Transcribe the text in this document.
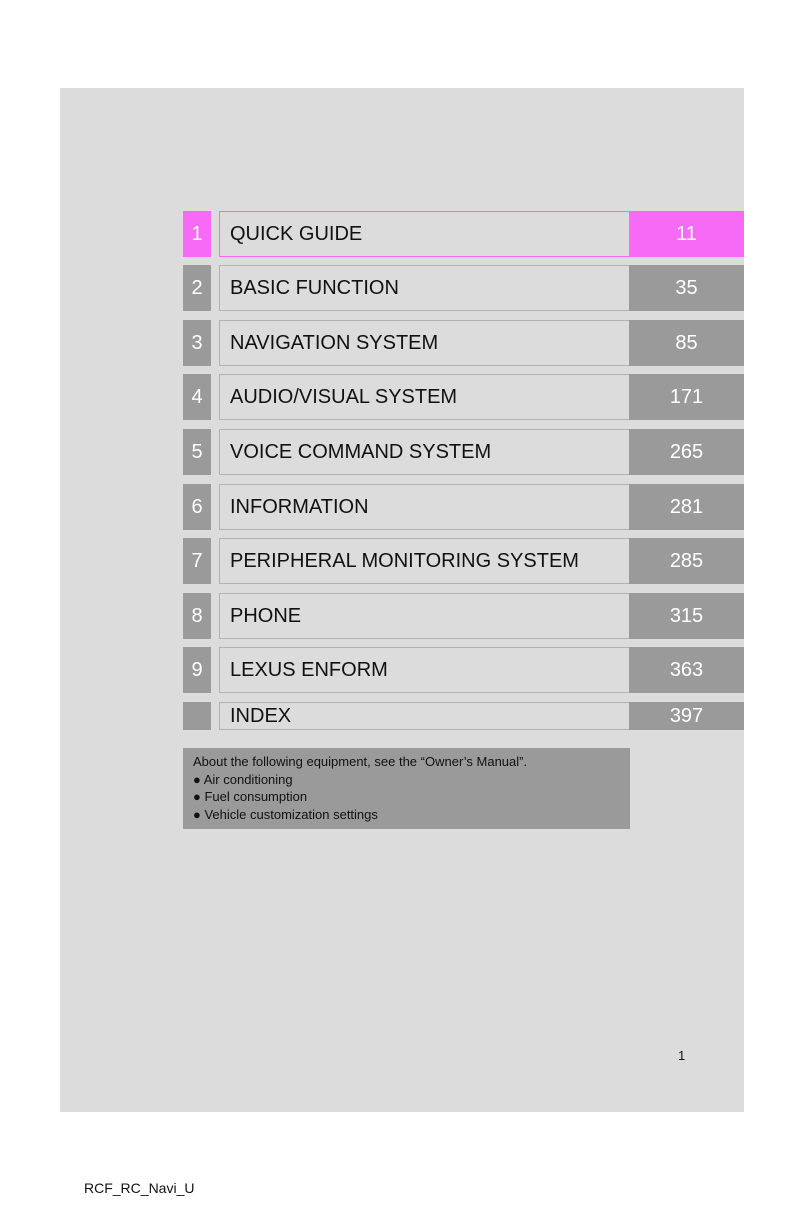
1	QUICK GUIDE	11
2	BASIC FUNCTION	35
3	NAVIGATION SYSTEM	85
4	AUDIO/VISUAL SYSTEM	171
5	VOICE COMMAND SYSTEM	265
6	INFORMATION	281
7	PERIPHERAL MONITORING SYSTEM	285
8	PHONE	315
9	LEXUS ENFORM	363
INDEX	397
About the following equipment, see the “Owner’s Manual”.
● Air conditioning
● Fuel consumption
● Vehicle customization settings
1
RCF_RC_Navi_U
